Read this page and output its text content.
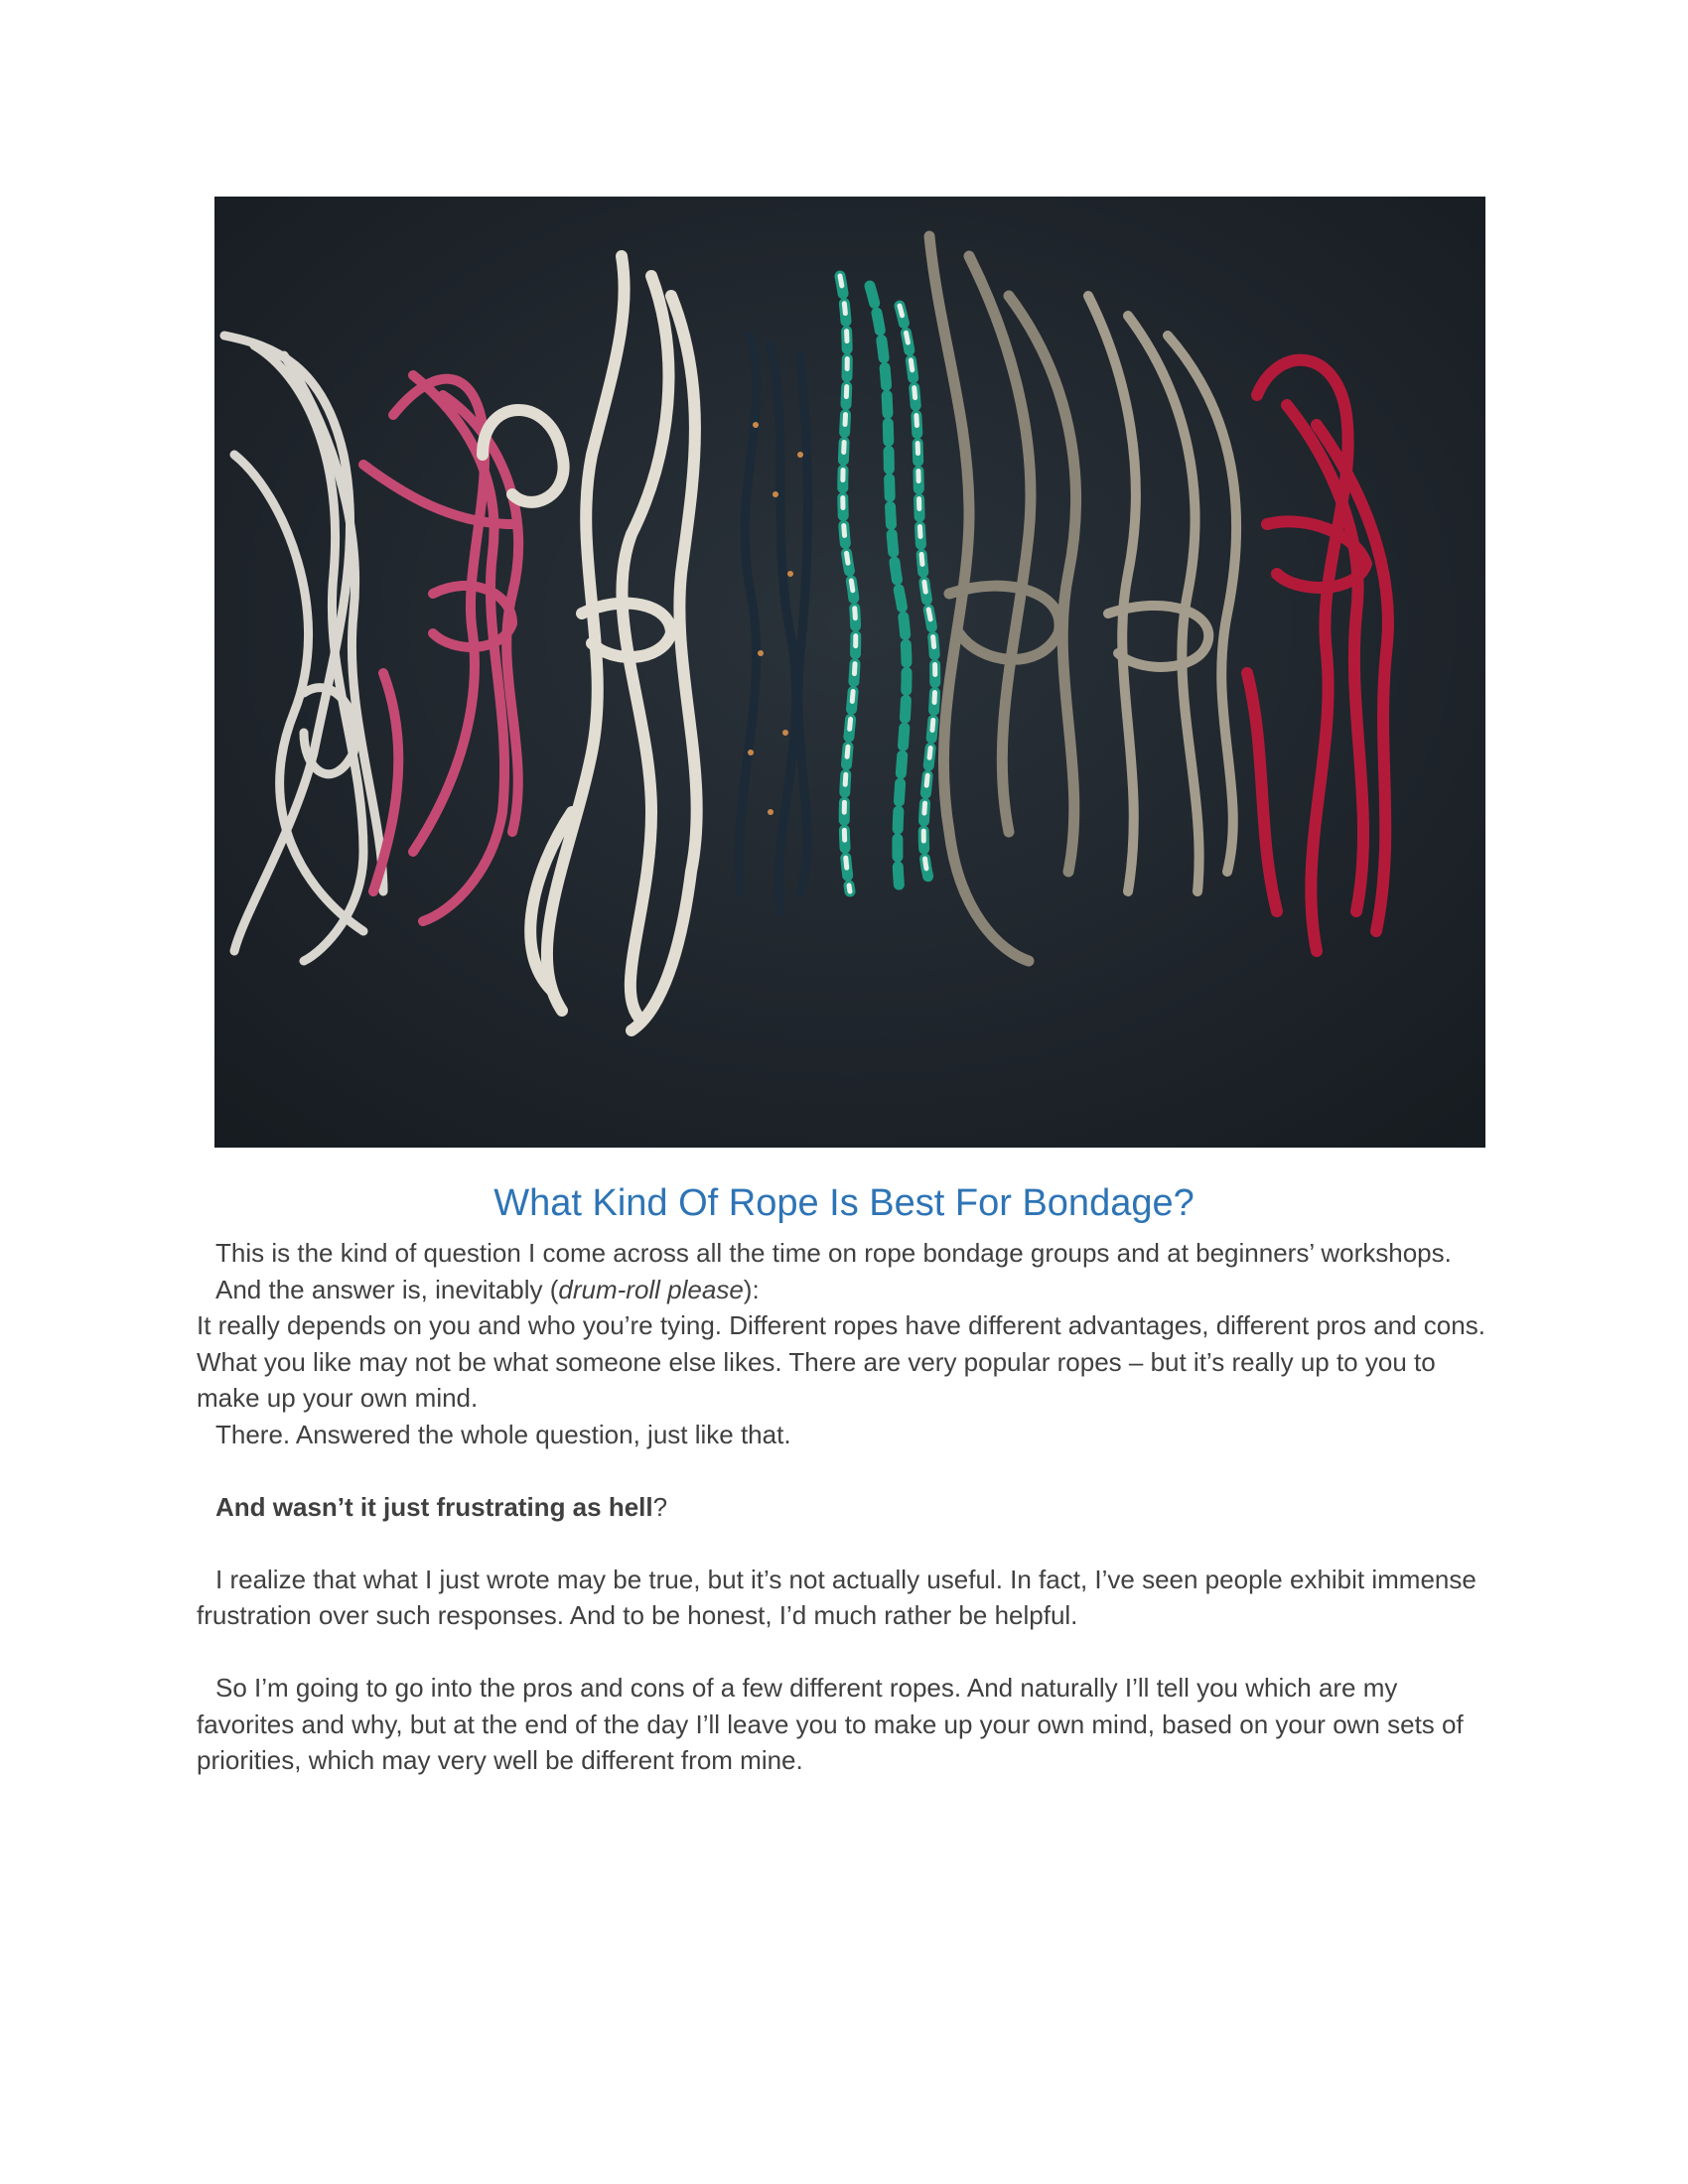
What Kind Of Rope Is Best For Bondage?

This is the kind of question I come across all the time on rope bondage groups and at beginners’ workshops.

And the answer is, inevitably (drum-roll please):

It really depends on you and who you’re tying. Different ropes have different advantages, different pros and cons. What you like may not be what someone else likes. There are very popular ropes – but it’s really up to you to make up your own mind.

There. Answered the whole question, just like that.

And wasn’t it just frustrating as hell?

I realize that what I just wrote may be true, but it’s not actually useful. In fact, I’ve seen people exhibit immense frustration over such responses. And to be honest, I’d much rather be helpful.

So I’m going to go into the pros and cons of a few different ropes. And naturally I’ll tell you which are my favorites and why, but at the end of the day I’ll leave you to make up your own mind, based on your own sets of priorities, which may very well be different from mine.
